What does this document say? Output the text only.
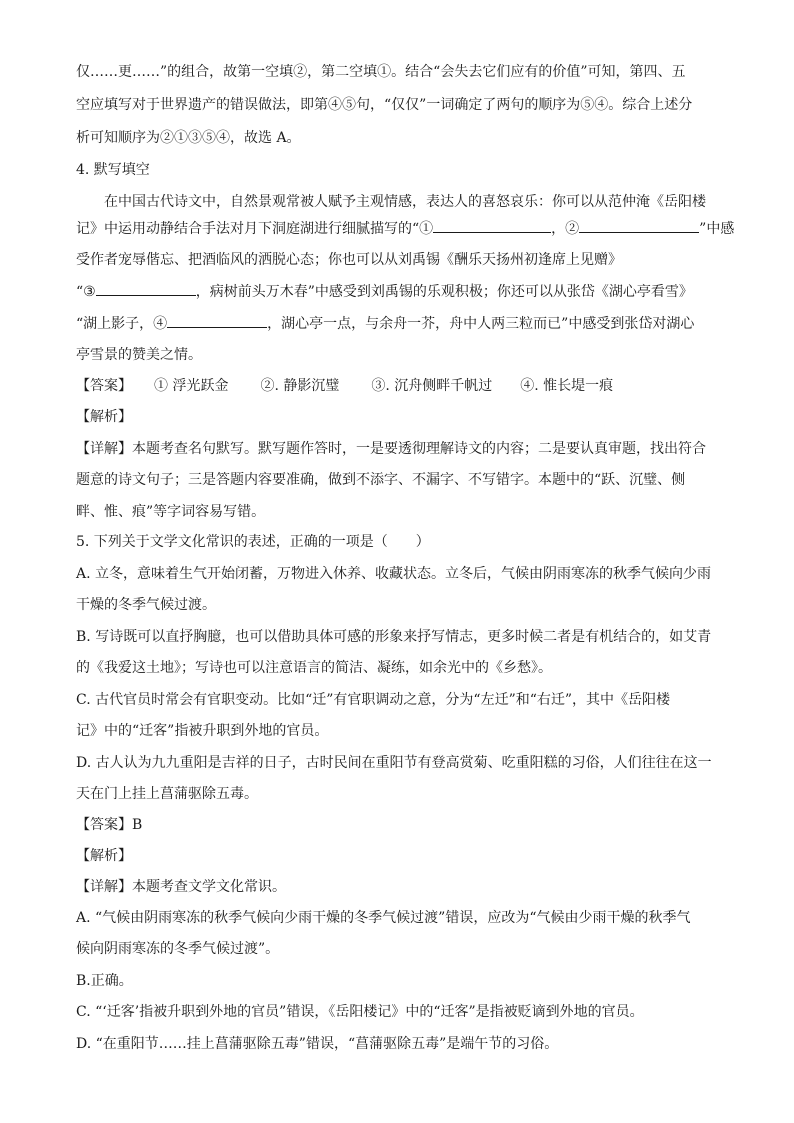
仅……更……”的组合，故第一空填②，第二空填①。结合“会失去它们应有的价值”可知，第四、五
空应填写对于世界遗产的错误做法，即第④⑤句，“仅仅”一词确定了两句的顺序为⑤④。综合上述分
析可知顺序为②①③⑤④，故选 A。
4. 默写填空
在中国古代诗文中，自然景观常被人赋予主观情感，表达人的喜怒哀乐：你可以从范仲淹《岳阳楼
记》中运用动静结合手法对月下洞庭湖进行细腻描写的“①	，②	”中感
受作者宠辱偕忘、把酒临风的洒脱心态；你也可以从刘禹锡《酬乐天扬州初逢席上见赠》
“③	，病树前头万木春”中感受到刘禹锡的乐观积极；你还可以从张岱《湖心亭看雪》
“湖上影子，④	，湖心亭一点，与余舟一芥，舟中人两三粒而已”中感受到张岱对湖心
亭雪景的赞美之情。
【答案】 ① 浮光跃金 ②. 静影沉璧 ③. 沉舟侧畔千帆过 ④. 惟长堤一痕
【解析】
【详解】本题考查名句默写。默写题作答时，一是要透彻理解诗文的内容；二是要认真审题，找出符合
题意的诗文句子；三是答题内容要准确，做到不添字、不漏字、不写错字。本题中的“跃、沉璧、侧
畔、惟、痕”等字词容易写错。
5. 下列关于文学文化常识的表述，正确的一项是（　　）
A. 立冬，意味着生气开始闭蓄，万物进入休养、收藏状态。立冬后，气候由阴雨寒冻的秋季气候向少雨
干燥的冬季气候过渡。
B. 写诗既可以直抒胸臆，也可以借助具体可感的形象来抒写情志，更多时候二者是有机结合的，如艾青
的《我爱这土地》；写诗也可以注意语言的简洁、凝练，如余光中的《乡愁》。
C. 古代官员时常会有官职变动。比如“迁”有官职调动之意，分为“左迁”和“右迁”，其中《岳阳楼
记》中的“迁客”指被升职到外地的官员。
D. 古人认为九九重阳是吉祥的日子，古时民间在重阳节有登高赏菊、吃重阳糕的习俗，人们往往在这一
天在门上挂上菖蒲驱除五毒。
【答案】B
【解析】
【详解】本题考查文学文化常识。
A. “气候由阴雨寒冻的秋季气候向少雨干燥的冬季气候过渡”错误，应改为“气候由少雨干燥的秋季气
候向阴雨寒冻的冬季气候过渡”。
B.正确。
C. “‘迁客’指被升职到外地的官员”错误，《岳阳楼记》中的“迁客”是指被贬谪到外地的官员。
D. “在重阳节……挂上菖蒲驱除五毒”错误，“菖蒲驱除五毒”是端午节的习俗。
